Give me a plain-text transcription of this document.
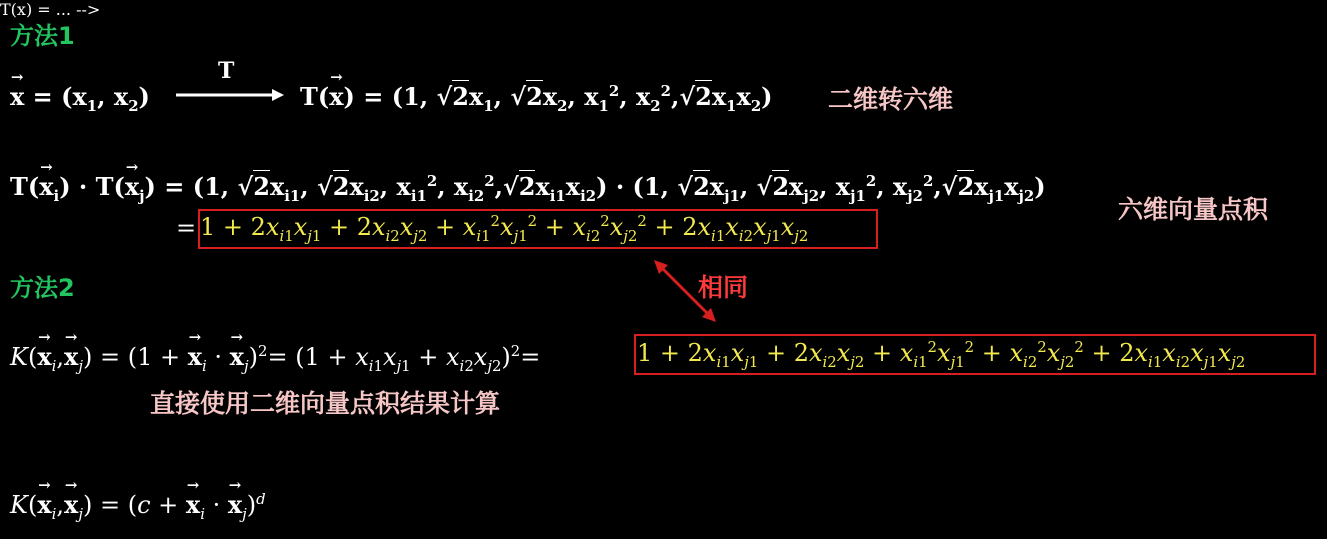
方法1
T(x) = ... -->
→ $x = (x_1$, $x_2$)
T
T(→ x) = (1, $√2x_1$, $√2x_2$, $x_1^2$, $x_2^2,√2x_1x_2$) 二维转六维
$T(\to x_i) \cdot T(\to x_j) = (1$, $√2x_{i1}$, $√2x_{i2}$, $x_{i1}^2$, $x_{i2}^2,√2x_{i1}x_{i2}) \cdot (1$, $√2x_{j1}$, $√2x_{j2}$, $x_{j1}^2$, $x_{j2}^2,√2x_{j1}x_{j2}$)
六维向量点积
= $1 + 2x_{i1}x_{j1} + 2x_{i2}x_{j2} + x_{i1}^2x_{j1}^2 + x_{i2}^2x_{j2}^2 + 2x_{i1}x_{i2}x_{j1}x_{j2}$
方法2	相同
$K(\to x_i,\to x_j) = (1$ + → $x_i$ · → $x_j)^2= (1 + x_{i1}x_{j1} + x_{i2}x_{j2})^2=$	$1 + 2x_{i1}x_{j1} + 2x_{i2}x_{j2} + x_{i1}^2x_{j1}^2 + x_{i2}^2x_{j2}^2 + 2x_{i1}x_{i2}x_{j1}x_{j2}$
直接使用二维向量点积结果计算
$K(\to x_i,\to x_j) = (c$ + → $x_i$ · → $x_j)^d$
